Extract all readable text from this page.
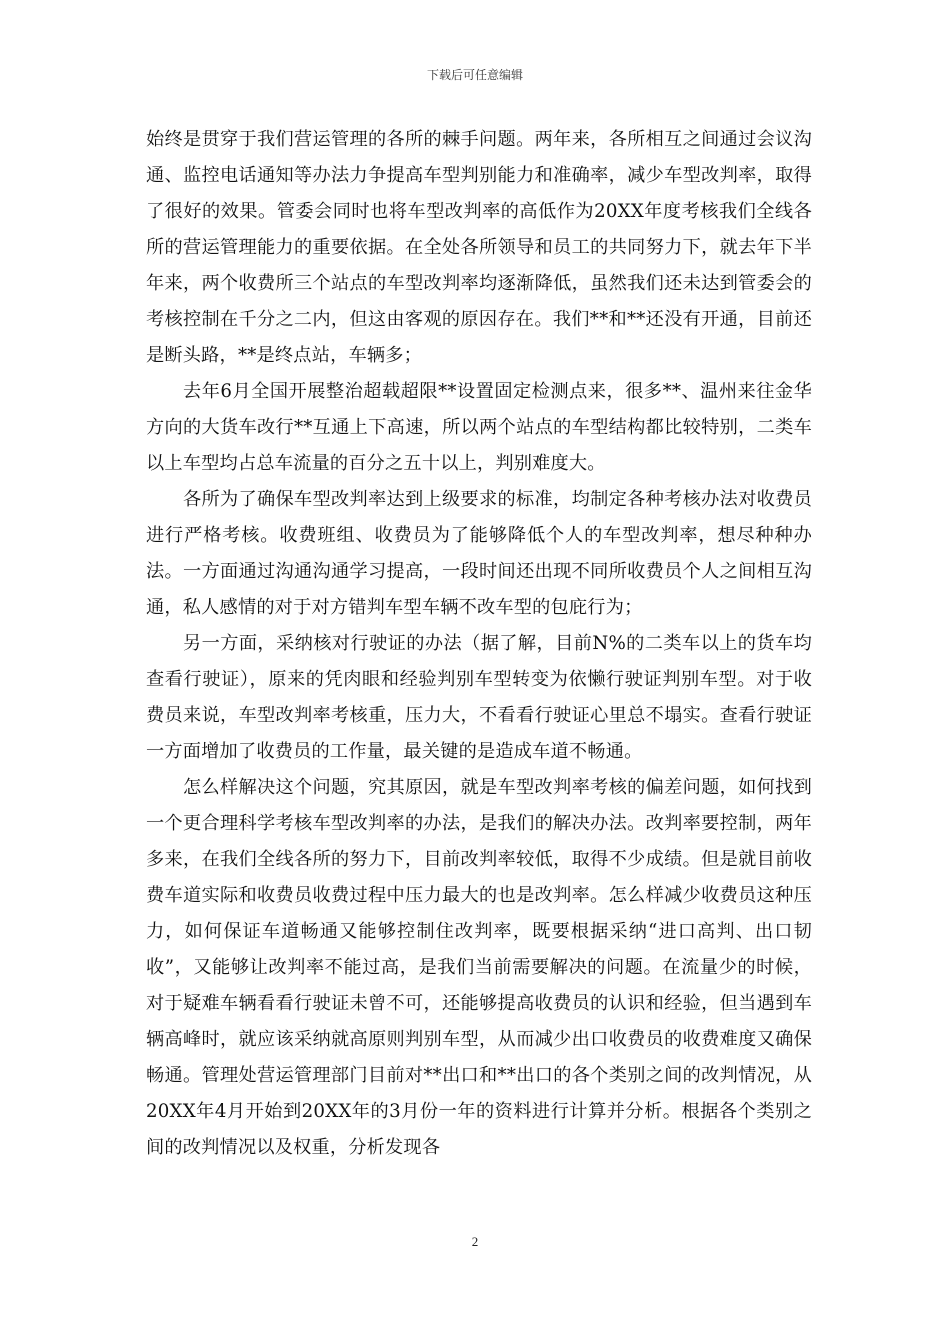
下载后可任意编辑

始终是贯穿于我们营运管理的各所的棘手问题。两年来，各所相互之间通过会议沟通、监控电话通知等办法力争提高车型判别能力和准确率，减少车型改判率，取得了很好的效果。管委会同时也将车型改判率的高低作为20XX年度考核我们全线各所的营运管理能力的重要依据。在全处各所领导和员工的共同努力下，就去年下半年来，两个收费所三个站点的车型改判率均逐渐降低，虽然我们还未达到管委会的考核控制在千分之二内，但这由客观的原因存在。我们**和**还没有开通，目前还是断头路，**是终点站，车辆多；

去年6月全国开展整治超载超限**设置固定检测点来，很多**、温州来往金华方向的大货车改行**互通上下高速，所以两个站点的车型结构都比较特别，二类车以上车型均占总车流量的百分之五十以上，判别难度大。

各所为了确保车型改判率达到上级要求的标准，均制定各种考核办法对收费员进行严格考核。收费班组、收费员为了能够降低个人的车型改判率，想尽种种办法。一方面通过沟通沟通学习提高，一段时间还出现不同所收费员个人之间相互沟通，私人感情的对于对方错判车型车辆不改车型的包庇行为；

另一方面，采纳核对行驶证的办法（据了解，目前N%的二类车以上的货车均查看行驶证），原来的凭肉眼和经验判别车型转变为依懒行驶证判别车型。对于收费员来说，车型改判率考核重，压力大，不看看行驶证心里总不塌实。查看行驶证一方面增加了收费员的工作量，最关键的是造成车道不畅通。

怎么样解决这个问题，究其原因，就是车型改判率考核的偏差问题，如何找到一个更合理科学考核车型改判率的办法，是我们的解决办法。改判率要控制，两年多来，在我们全线各所的努力下，目前改判率较低，取得不少成绩。但是就目前收费车道实际和收费员收费过程中压力最大的也是改判率。怎么样减少收费员这种压力，如何保证车道畅通又能够控制住改判率，既要根据采纳“进口高判、出口韧收”，又能够让改判率不能过高，是我们当前需要解决的问题。在流量少的时候，对于疑难车辆看看行驶证未曾不可，还能够提高收费员的认识和经验，但当遇到车辆高峰时，就应该采纳就高原则判别车型，从而减少出口收费员的收费难度又确保畅通。管理处营运管理部门目前对**出口和**出口的各个类别之间的改判情况，从20XX年4月开始到20XX年的3月份一年的资料进行计算并分析。根据各个类别之间的改判情况以及权重，分析发现各

2
